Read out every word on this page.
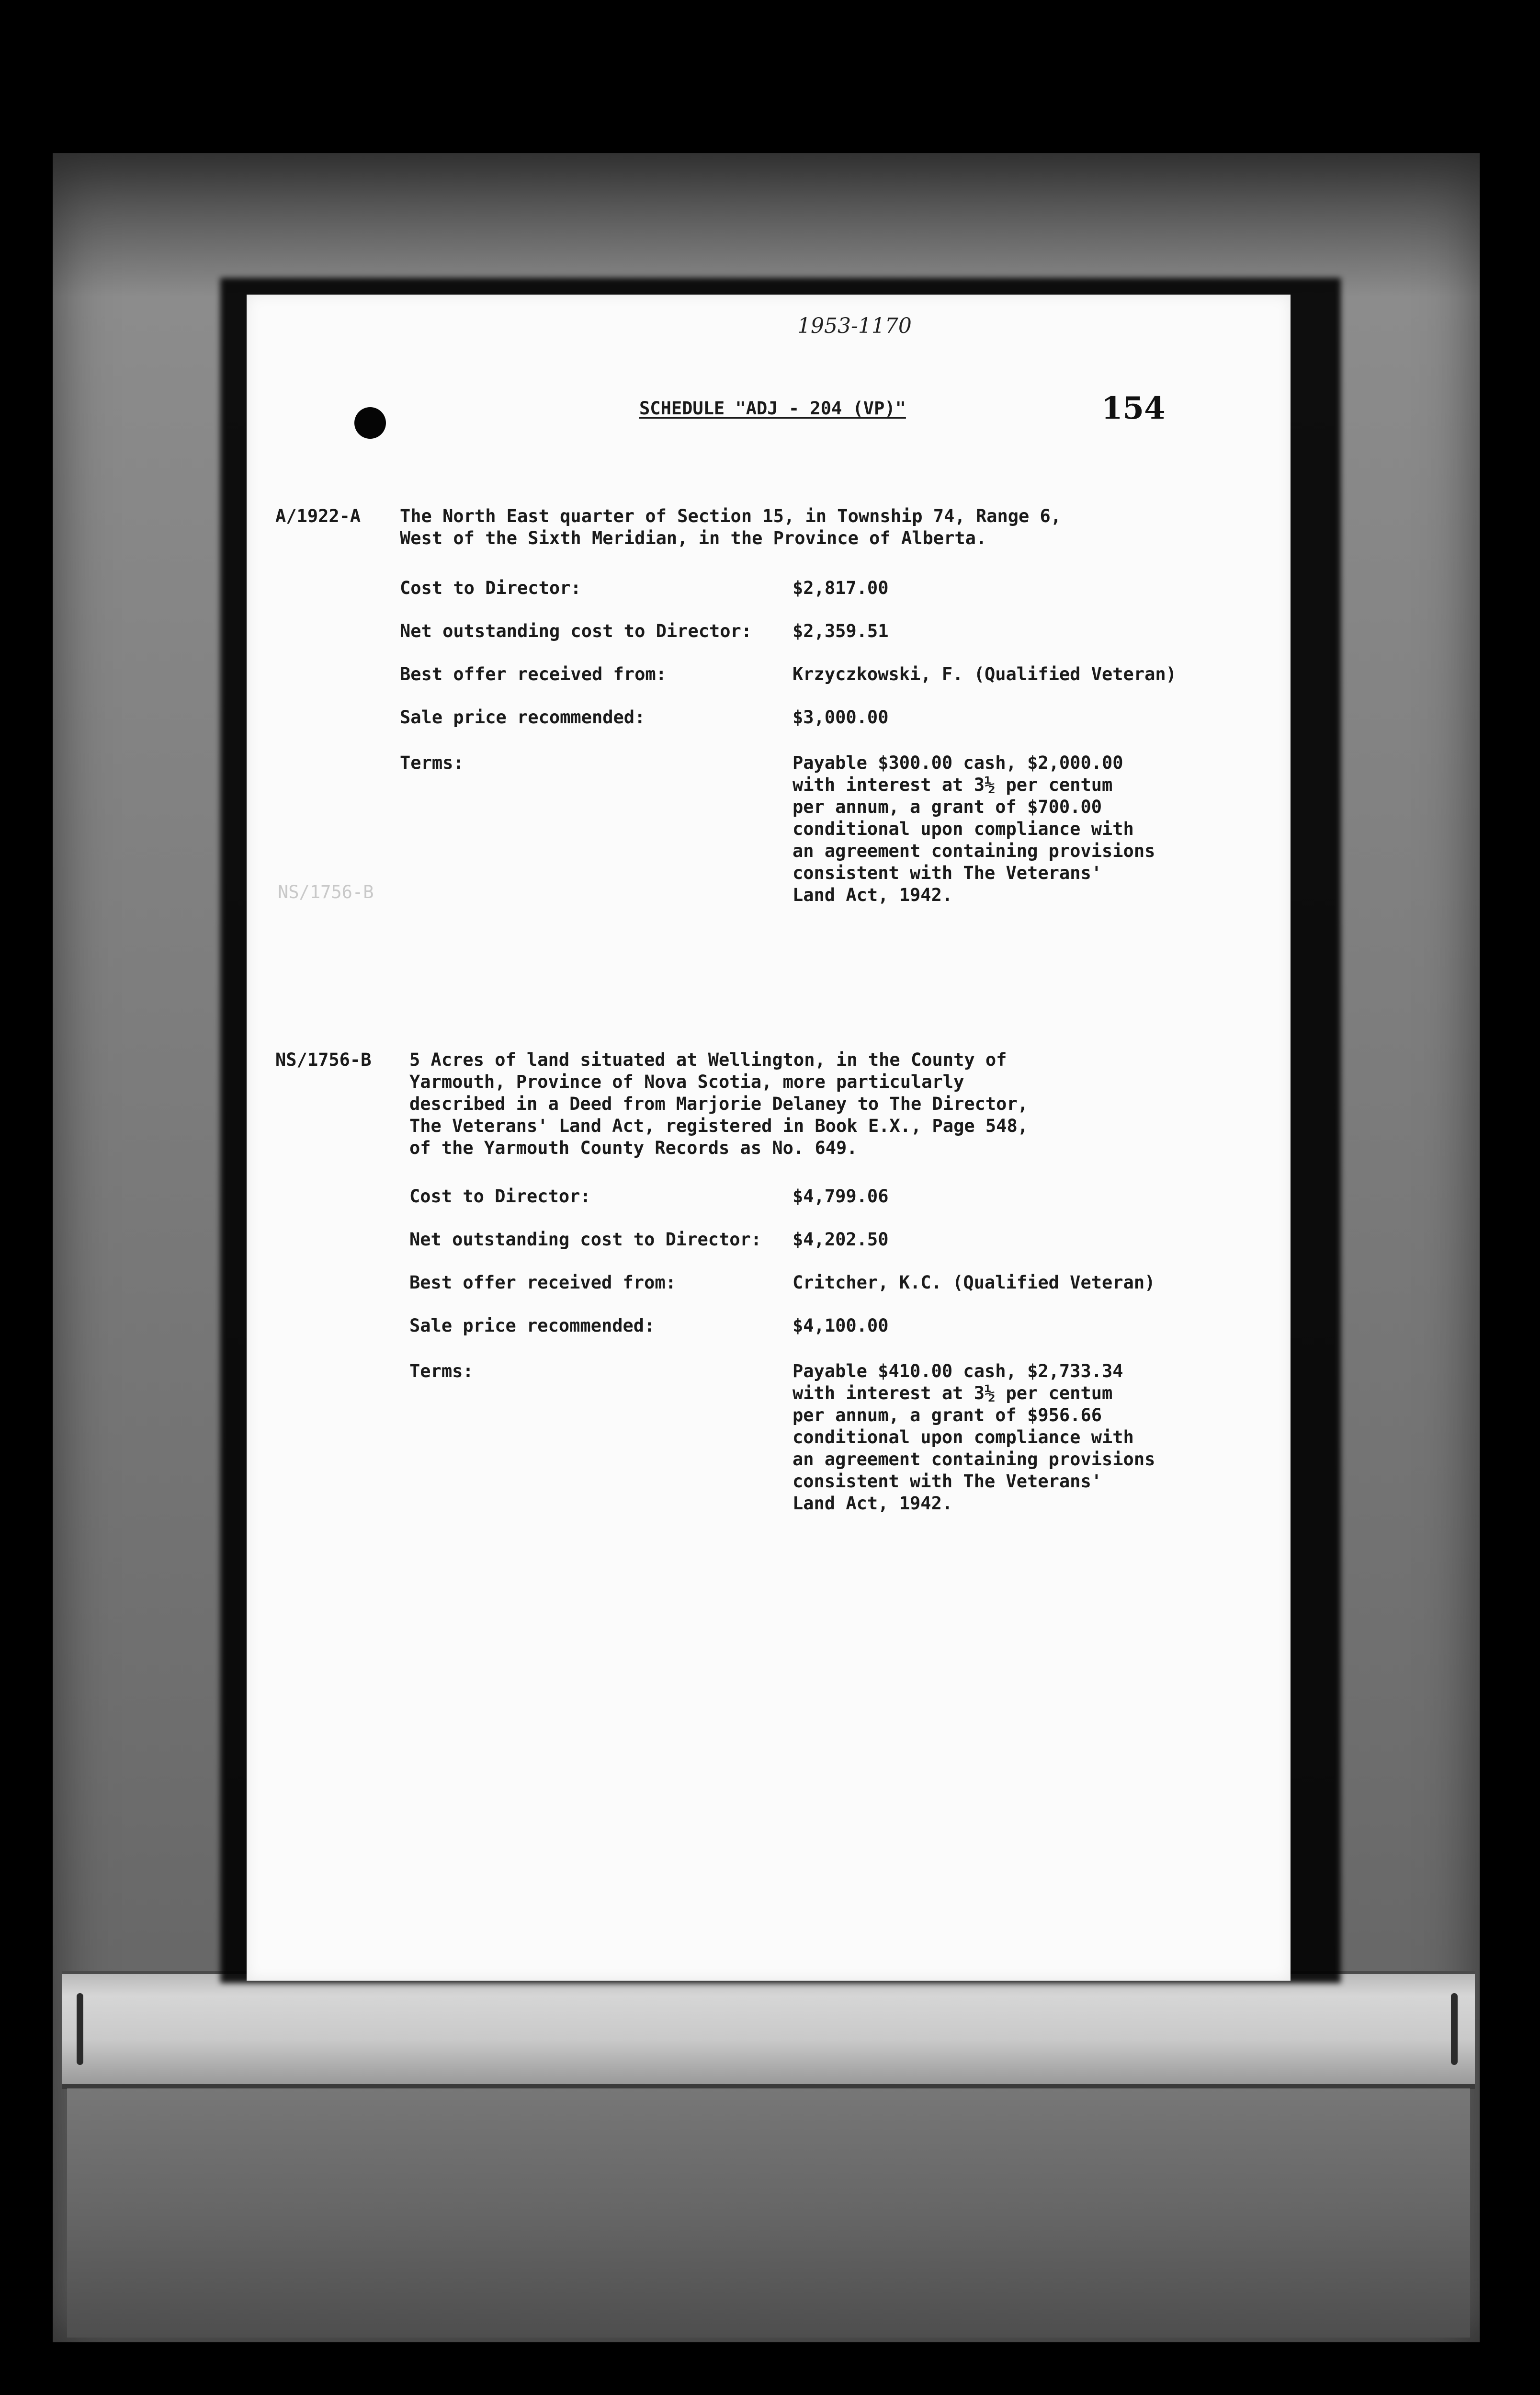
1953-1170
SCHEDULE "ADJ - 204 (VP)"	154
A/1922-A The North East quarter of Section 15, in Township 74, Range 6,
West of the Sixth Meridian, in the Province of Alberta.
Cost to Director:	$2,817.00
Net outstanding cost to Director: $2,359.51
Best offer received from:	Krzyczkowski, F. (Qualified Veteran)
Sale price recommended:	$3,000.00
Terms:	Payable $300.00 cash, $2,000.00
with interest at 3½ per centum
per annum, a grant of $700.00
conditional upon compliance with
an agreement containing provisions
consistent with The Veterans'
Land Act, 1942.
NS/1756-B
NS/1756-B 5 Acres of land situated at Wellington, in the County of
Yarmouth, Province of Nova Scotia, more particularly
described in a Deed from Marjorie Delaney to The Director,
The Veterans' Land Act, registered in Book E.X., Page 548,
of the Yarmouth County Records as No. 649.
Cost to Director:	$4,799.06
Net outstanding cost to Director: $4,202.50
Best offer received from:	Critcher, K.C. (Qualified Veteran)
Sale price recommended:	$4,100.00
Terms:	Payable $410.00 cash, $2,733.34
with interest at 3½ per centum
per annum, a grant of $956.66
conditional upon compliance with
an agreement containing provisions
consistent with The Veterans'
Land Act, 1942.
